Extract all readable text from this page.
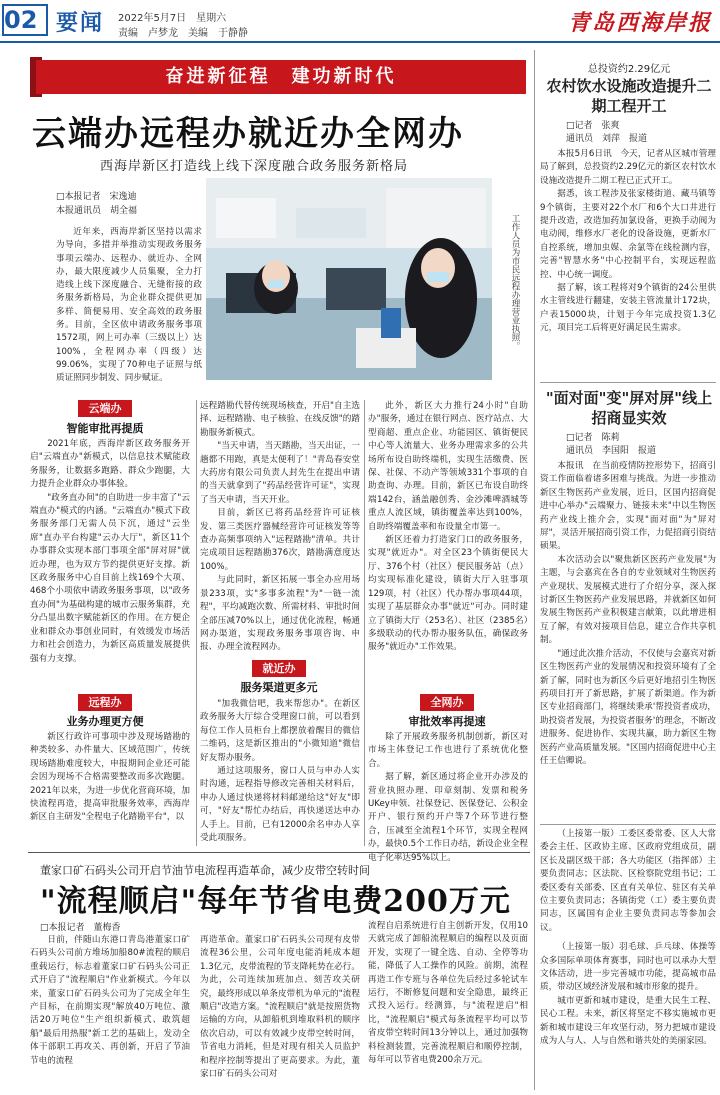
02 要闻 2022年5月7日　星期六
责编　卢梦龙　美编　于静静	青岛西海岸报
奋进新征程　建功新时代
云端办远程办就近办全网办
西海岸新区打造线上线下深度融合政务服务新格局
□本报记者　宋逸迪
本报通讯员　胡全福

近年来，西海岸新区坚持以需求为导向，多措并举推动实现政务服务事项云端办、远程办、就近办、全网办，最大限度减少人员集聚，全力打造线上线下深度融合、无缝衔接的政务服务新格局，为企业群众提供更加多样、简便易用、安全高效的政务服务。目前，全区依申请政务服务事项1572项，网上可办率（三级以上）达100%，全程网办率（四级）达99.06%，实现了70种电子证照与纸质证照同步制发、同步赋证。

工作人员为市民远程办理营业执照。
云端办
智能审批再提质

2021年底，西海岸新区政务服务开启"云端直办"新模式，以信息技术赋能政务服务，让数据多跑路、群众少跑腿，大力提升企业群众办事体验。

"政务直办间"的自助进一步丰富了"云端直办"模式的内涵。"云端直办"模式下政务服务部门无需人员下沉，通过"云坐席"直办平台构建"云办大厅"，新区11个办事群众实现本部门事项全部"屏对屏"就近办理，也为双方节约提供更好支撑。新区政务服务中心自目前上线169个大项、468个小项依申请政务服务事项，以"政务直办间"为基础构建的城市云服务集群，充分凸显出数字赋能新区的作用。在方便企业和群众办事创业同时，有效缓发市场活力和社会创造力，为新区高质量发展提供强有力支撑。

远程办
业务办理更方便

新区行政许可事项中涉及现场踏勘的种类较多、办件量大、区域范围广，传统现场踏勘难度较大，申报期间企业还可能会因为现场不合格需要整改而多次跑腿。2021年以来，为进一步优化营商环境，加快流程再造，提高审批服务效率，西海岸新区自主研发"全程电子化踏勘平台"，以

远程踏勘代替传统现场核查，开启"自主选择、远程踏勘、电子核验、在线反馈"的踏勘服务新模式。

"当天申请，当天踏勘，当天出证，一趟都不用跑，真是太便利了！"青岛春安堂大药房有限公司负责人封先生在提出申请的当天就拿到了"药品经营许可证"，实现了当天申请，当天开业。

目前，新区已将药品经营许可证核发、第三类医疗器械经营许可证核发等等查办高频事项纳入"远程踏勘"清单。共计完成项目远程踏勘376次，踏勘满意度达100%。

与此同时，新区拓展一事全办应用场景233项，实"多事多流程"为"一链一流程"，平均减跑次数、所需材料、审批时间全部压减70%以上，通过优化流程，畅通网办渠道，实现政务服务事项咨询、申报、办理全流程网办。

就近办
服务渠道更多元

"加我微信吧，我来帮您办"。在新区政务服务大厅综合受理窗口前，可以看到每位工作人员柜台上都摆放着醒目的微信二维码，这是新区推出的"小微知道"微信好友帮办服务。

通过这项服务，窗口人员与申办人实时沟通，远程指导修改完善相关材料后，申办人通过快递将材料邮递给这"好友"即可，"好友"帮忙办结后，再快递送达申办人手上。目前，已有12000余名申办人享受此项服务。

此外，新区大力推行24小时"自助办"服务，通过在银行网点、医疗站点、大型商超、重点企业、功能园区、镇街便民中心等人流量大、业务办理需求多的公共场所布设自助终端机，实现生活缴费、医保、社保、不动产等领域331个事项的自助查询、办理。目前，新区已布设自助终端142台，涵盖融创秀、金沙滩啤酒城等重点人流区域，镇街覆盖率达到100%，自助终端覆盖率和布设量全市第一。

新区还着力打造家门口的政务服务，实现"就近办"。对全区23个镇街便民大厅、376个村（社区）便民服务站（点）均实现标准化建设，镇街大厅入驻事项129项，村（社区）代办帮办事项44项，实现了基层群众办事"就近"可办。同时建立了镇街大厅（253名）、社区（2385名）多级联动的代办帮办服务队伍，确保政务服务"就近办"工作效果。

全网办
审批效率再提速

除了开展政务服务机制创新，新区对市场主体登记工作也进行了系统优化整合。

据了解，新区通过将企业开办涉及的营业执照办理、印章刻制、发票和税务UKey申领、社保登记、医保登记、公积金开户、银行预约开户等7个环节进行整合，压减至全流程1个环节，实现全程网办，最快0.5个工作日办结，新设企业全程电子化率达95%以上。

总投资约2.29亿元
农村饮水设施改造提升二期工程开工
□记者　张爽
通讯员　刘萍　报道

本报5月6日讯　今天，记者从区城市管理局了解到，总投资约2.29亿元的新区农村饮水设施改造提升二期工程已正式开工。

据悉，该工程涉及张家楼街道、藏马镇等9个镇街，主要对22个水厂和6个大口井进行提升改造，改造加药加氯设备，更换手动阀为电动阀，维修水厂老化的设备设施，更新水厂自控系统，增加虫媒、余氯等在线检测内容，完善"智慧水务"中心控制平台，实现远程监控、中心统一调度。

据了解，该工程将对9个镇街的24公里供水主管线进行翻建，安装主管流量计172块，户表15000块，计划于今年完成投资1.3亿元，项目完工后将更好满足民生需求。

"面对面"变"屏对屏"线上招商显实效
□记者　陈莉
通讯员　李国阳　报道

本报讯　在当前疫情防控形势下，招商引资工作面临着诸多困难与挑战。为进一步推动新区生物医药产业发展，近日，区国内招商促进中心举办"云端聚力、链接未来"中以生物医药产业线上推介会，实现"面对面"为"屏对屏"，灵活开展招商引资工作，力促招商引资结硕果。

本次活动会以"聚焦新区医药产业发展"为主题，与会嘉宾在各自的专业领域对生物医药产业现状、发展模式进行了介绍分享，深入探讨新区生物医药产业发展思路，并就新区如何发展生物医药产业积极建言献策，以此增进相互了解，有效对接项目信息，建立合作共享机制。

"通过此次推介活动，不仅使与会嘉宾对新区生物医药产业的发展情况和投资环境有了全新了解，同时也为新区今后更好地招引生物医药项目打开了新思路，扩展了新渠道。作为新区专业招商部门，将继续秉承'帮投资者成功，助投资者发展，为投资者服务'的理念，不断改进服务、促进协作、实现共赢，助力新区生物医药产业高质量发展。"区国内招商促进中心主任王信卿说。

（上接第一版）工委区委常委、区人大常委会主任、区政协主席、区政府党组成员，副区长及副区级干部；各大功能区（指挥部）主要负责同志；区法院、区检察院党组书记；工委区委有关部委、区直有关单位、驻区有关单位主要负责同志；各镇街党（工）委主要负责同志，区属国有企业主要负责同志等参加会议。

（上接第一版）羽毛球、乒乓球、体操等众多国际单项体育赛事，同时也可以承办大型文体活动，进一步完善城市功能，提高城市品质，带动区域经济发展和城市形象的提升。

城市更新和城市建设，是重大民生工程、民心工程。未来，新区将坚定不移实施城市更新和城市建设三年攻坚行动，努力把城市建设成为人与人、人与自然和谐共处的美丽家园。

董家口矿石码头公司开启节油节电流程再造革命，减少皮带空转时间
"流程顺启"每年节省电费200万元
□本报记者　董梅香

日前，伴随山东港口青岛港董家口矿石码头公司前方堆场加船80#流程的顺启重载运行，标志着董家口矿石码头公司正式开启了"流程顺启"作业新模式。今年以来，董家口矿石码头公司为了完成全年生产目标，在前期实现"解放40万吨位、激活20万吨位"生产组织新模式、敢筑超船"最后用热服"新工艺的基础上，发动全体干部职工再攻关、再创新，开启了节油节电的流程

再造革命。董家口矿石码头公司现有皮带流程36公里，公司年度电能消耗成本超1.3亿元，皮带流程的节支降耗势在必行。为此，公司连续加班加点、刻苦攻关研究，最终形成以单条皮带机为单元的"流程顺启"改造方案。"流程顺启"就是按照货物运输的方向，从卸船机到堆取料机的顺序依次启动，可以有效减少皮带空转时间，节省电力消耗，但是对现有相关人员监护和程序控制等提出了更高要求。为此，董家口矿石码头公司对

流程自启系统进行自主创新开发，仅用10天就完成了卸船流程顺启的编程以及页面开发，实现了一键全选、自动、全停等功能，降低了人工操作的风险。前期，流程再造工作专班与各单位先后经过多轮试车运行，不断修复问题和安全隐患，最终正式投入运行。经测算，与"流程逆启"相比，"流程顺启"模式每条流程平均可以节省皮带空转时间13分钟以上，通过加强物料检测装置，完善流程顺启和顺停控制，每年可以节省电费200余万元。
